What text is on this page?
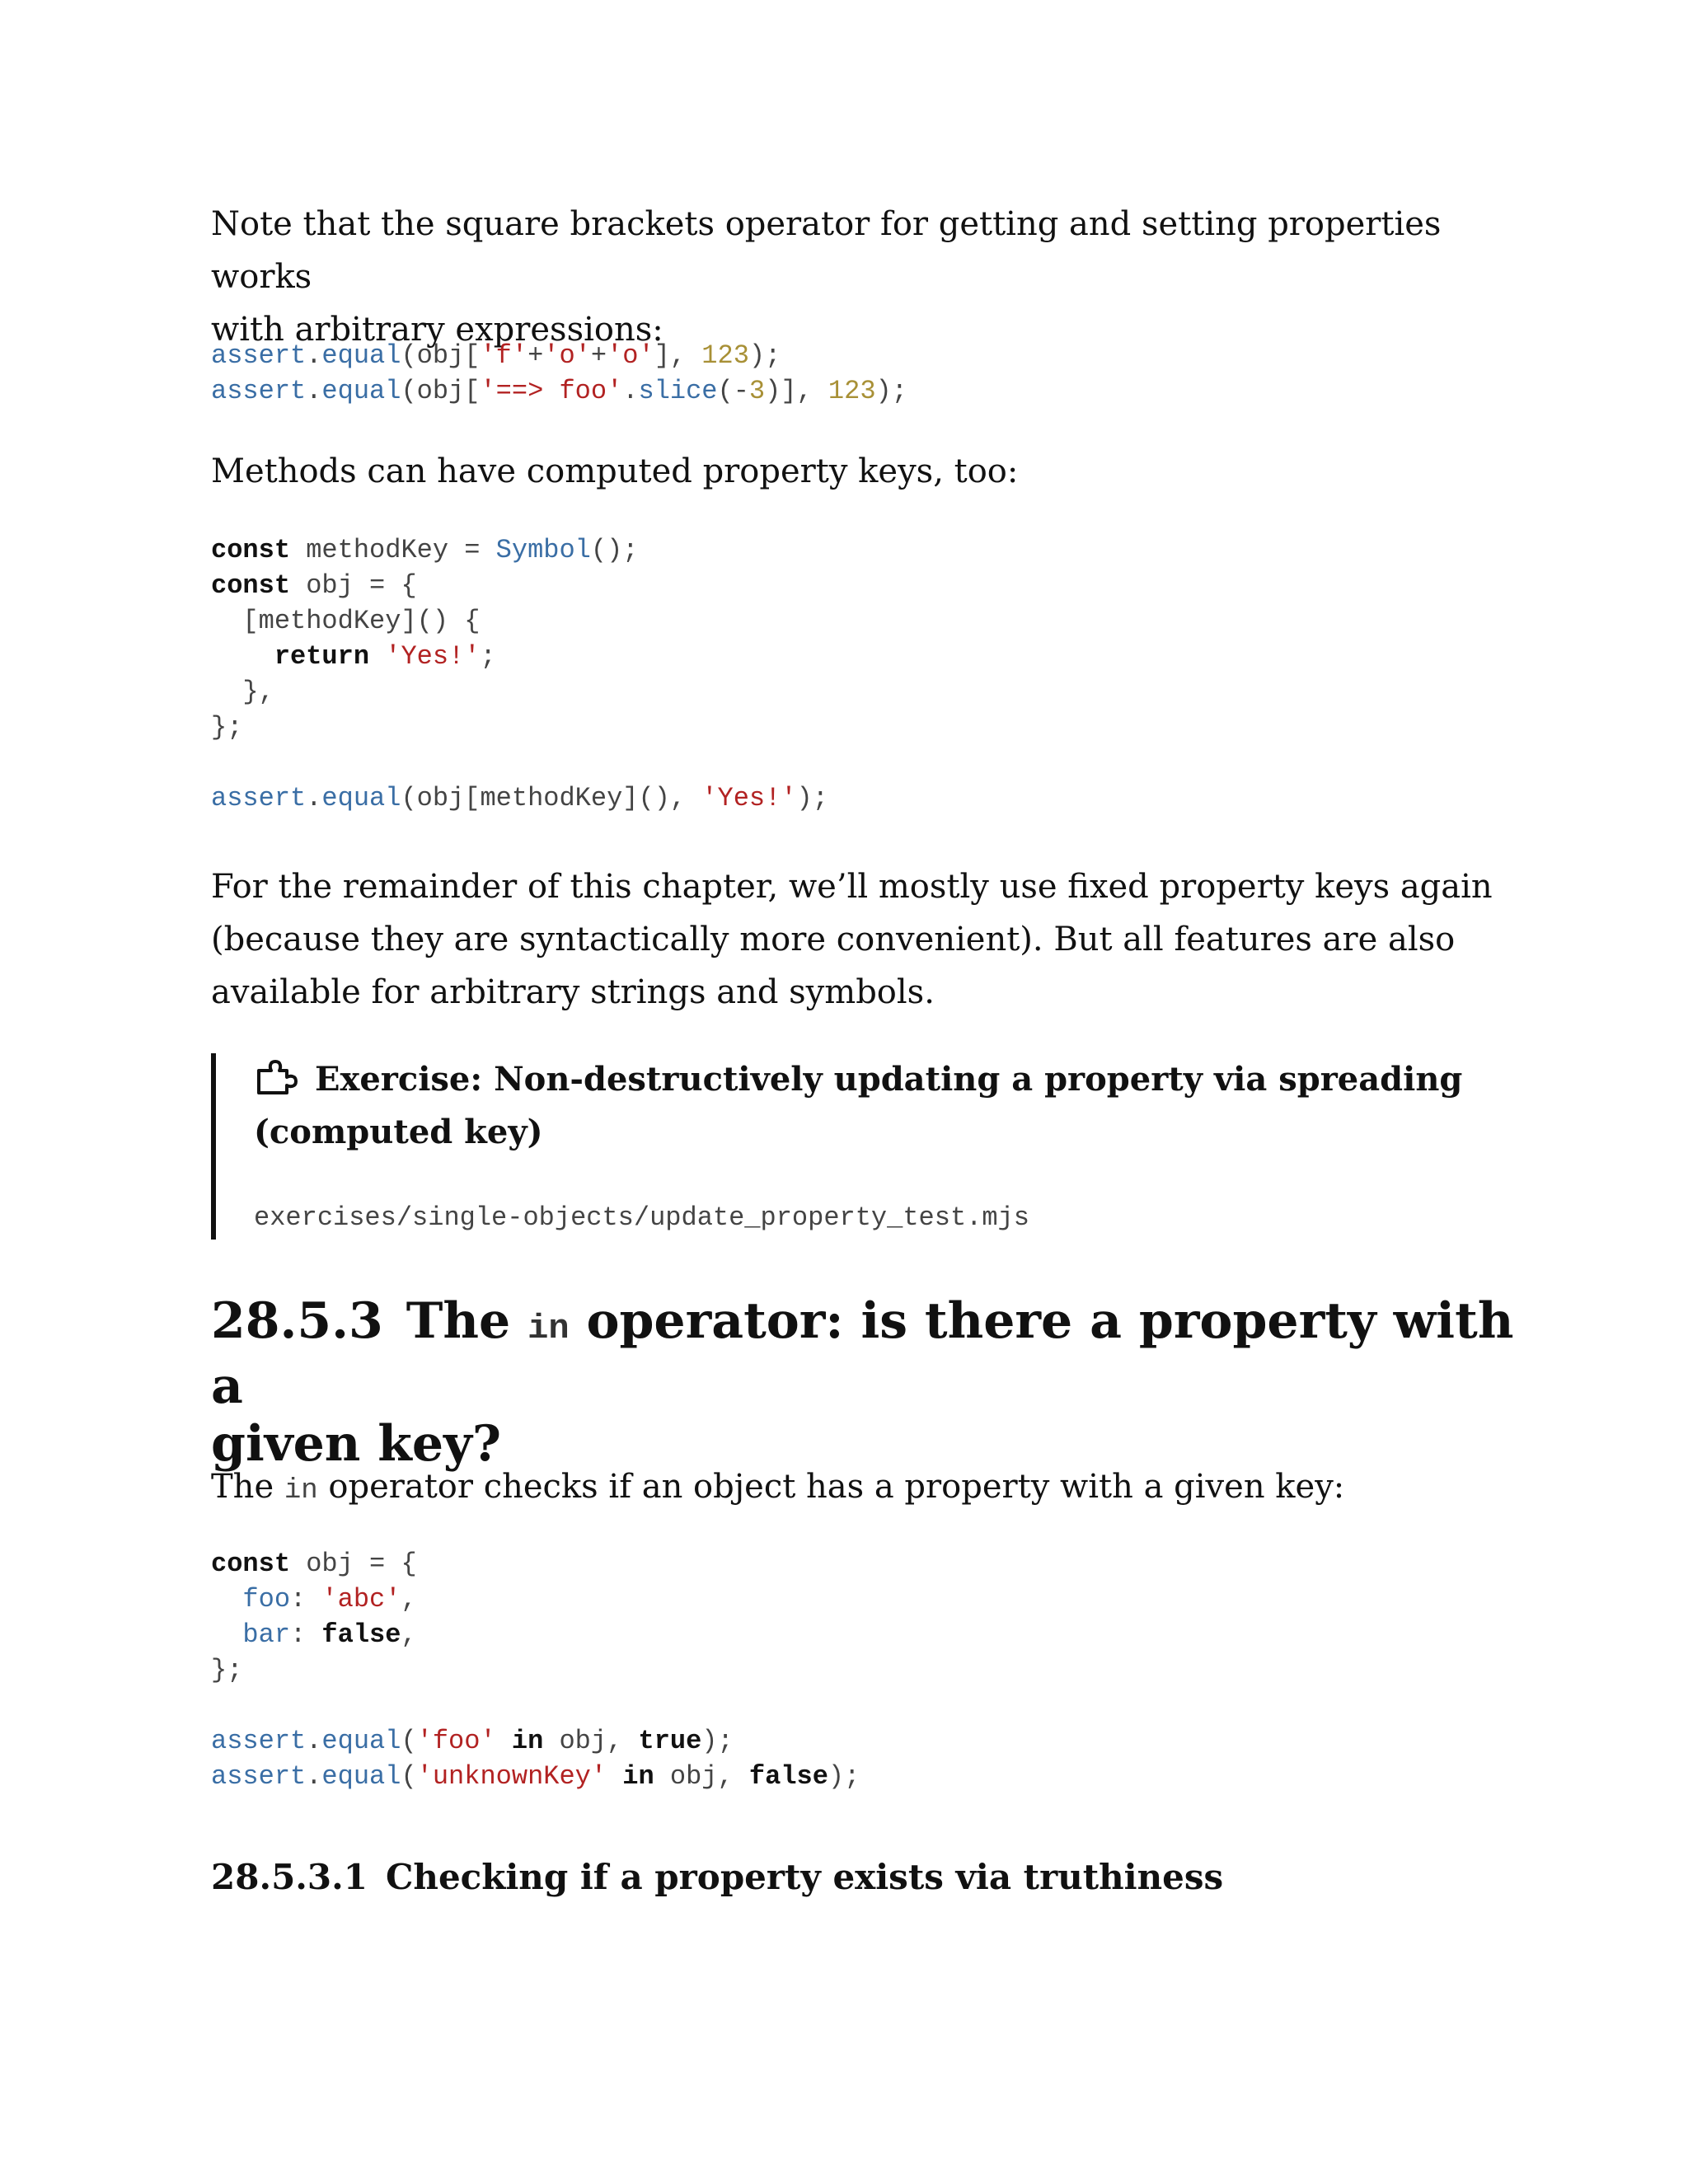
Note that the square brackets operator for getting and setting properties works

with arbitrary expressions:

assert.equal(obj['f'+'o'+'o'], 123);
assert.equal(obj['==> foo'.slice(-3)], 123);

Methods can have computed property keys, too:

const methodKey = Symbol();
const obj = {
[methodKey]() {
return 'Yes!';
},
};

assert.equal(obj[methodKey](), 'Yes!');

For the remainder of this chapter, we’ll mostly use fixed property keys again

(because they are syntactically more convenient). But all features are also

available for arbitrary strings and symbols.

Exercise: Non-destructively updating a property via spreading
(computed key)
exercises/single-objects/update_property_test.mjs
28.5.3 The in operator: is there a property with a
given key?

The in operator checks if an object has a property with a given key:

const obj = {
foo: 'abc',
bar: false,
};

assert.equal('foo' in obj, true);
assert.equal('unknownKey' in obj, false);
28.5.3.1 Checking if a property exists via truthiness
